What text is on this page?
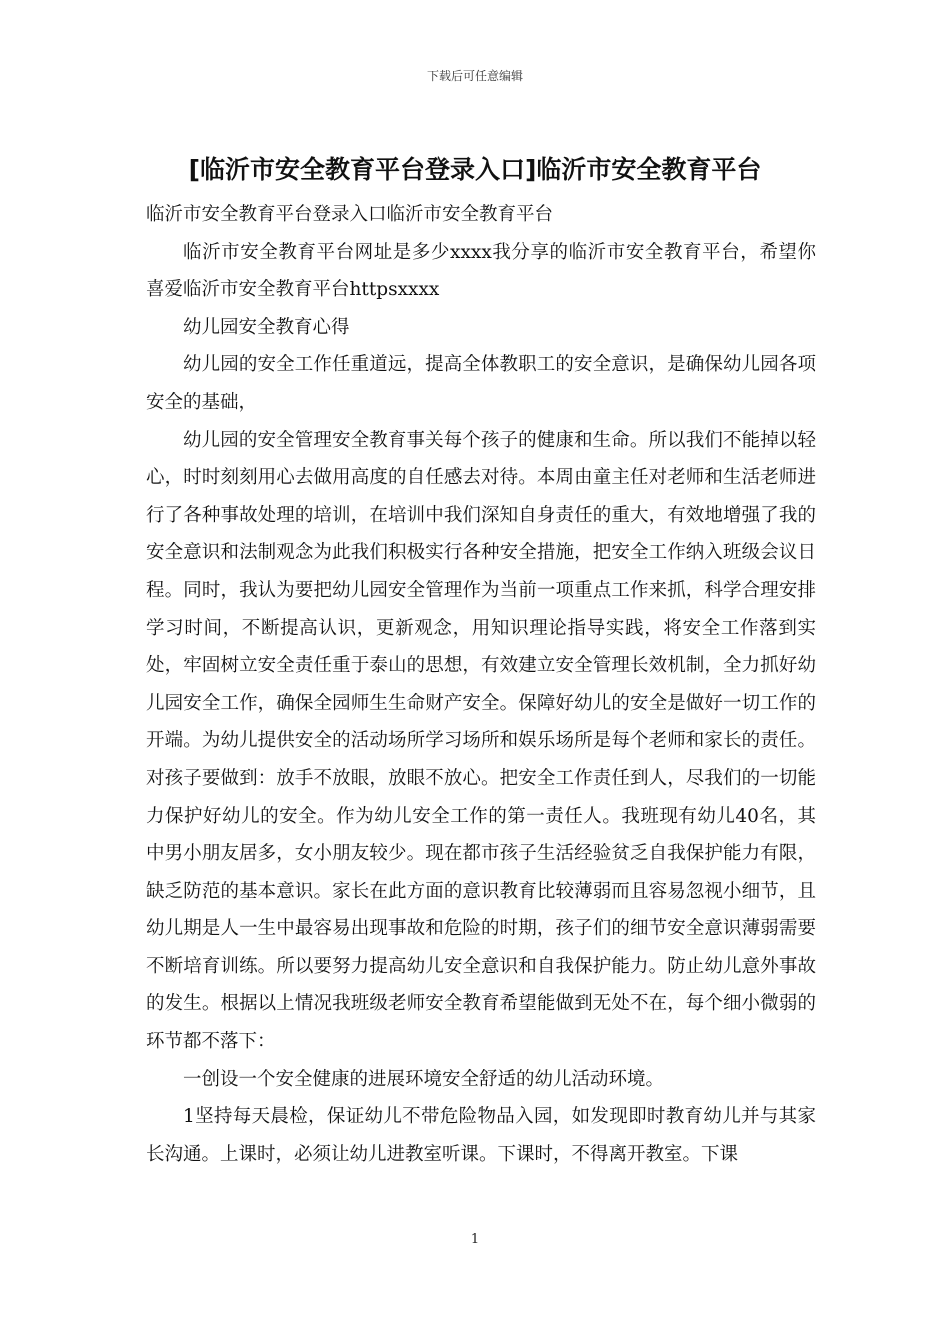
下载后可任意编辑
[临沂市安全教育平台登录入口]临沂市安全教育平台

临沂市安全教育平台登录入口临沂市安全教育平台

临沂市安全教育平台网址是多少xxxx我分享的临沂市安全教育平台，希望你喜爱临沂市安全教育平台httpsxxxx

幼儿园安全教育心得

幼儿园的安全工作任重道远，提高全体教职工的安全意识，是确保幼儿园各项安全的基础，

幼儿园的安全管理安全教育事关每个孩子的健康和生命。所以我们不能掉以轻心，时时刻刻用心去做用高度的自任感去对待。本周由童主任对老师和生活老师进行了各种事故处理的培训，在培训中我们深知自身责任的重大，有效地增强了我的安全意识和法制观念为此我们积极实行各种安全措施，把安全工作纳入班级会议日程。同时，我认为要把幼儿园安全管理作为当前一项重点工作来抓，科学合理安排学习时间，不断提高认识，更新观念，用知识理论指导实践，将安全工作落到实处，牢固树立安全责任重于泰山的思想，有效建立安全管理长效机制，全力抓好幼儿园安全工作，确保全园师生生命财产安全。保障好幼儿的安全是做好一切工作的开端。为幼儿提供安全的活动场所学习场所和娱乐场所是每个老师和家长的责任。对孩子要做到：放手不放眼，放眼不放心。把安全工作责任到人，尽我们的一切能力保护好幼儿的安全。作为幼儿安全工作的第一责任人。我班现有幼儿40名，其中男小朋友居多，女小朋友较少。现在都市孩子生活经验贫乏自我保护能力有限，缺乏防范的基本意识。家长在此方面的意识教育比较薄弱而且容易忽视小细节，且幼儿期是人一生中最容易出现事故和危险的时期，孩子们的细节安全意识薄弱需要不断培育训练。所以要努力提高幼儿安全意识和自我保护能力。防止幼儿意外事故的发生。根据以上情况我班级老师安全教育希望能做到无处不在，每个细小微弱的环节都不落下：

一创设一个安全健康的进展环境安全舒适的幼儿活动环境。

1坚持每天晨检，保证幼儿不带危险物品入园，如发现即时教育幼儿并与其家长沟通。上课时，必须让幼儿进教室听课。下课时，不得离开教室。下课

1
